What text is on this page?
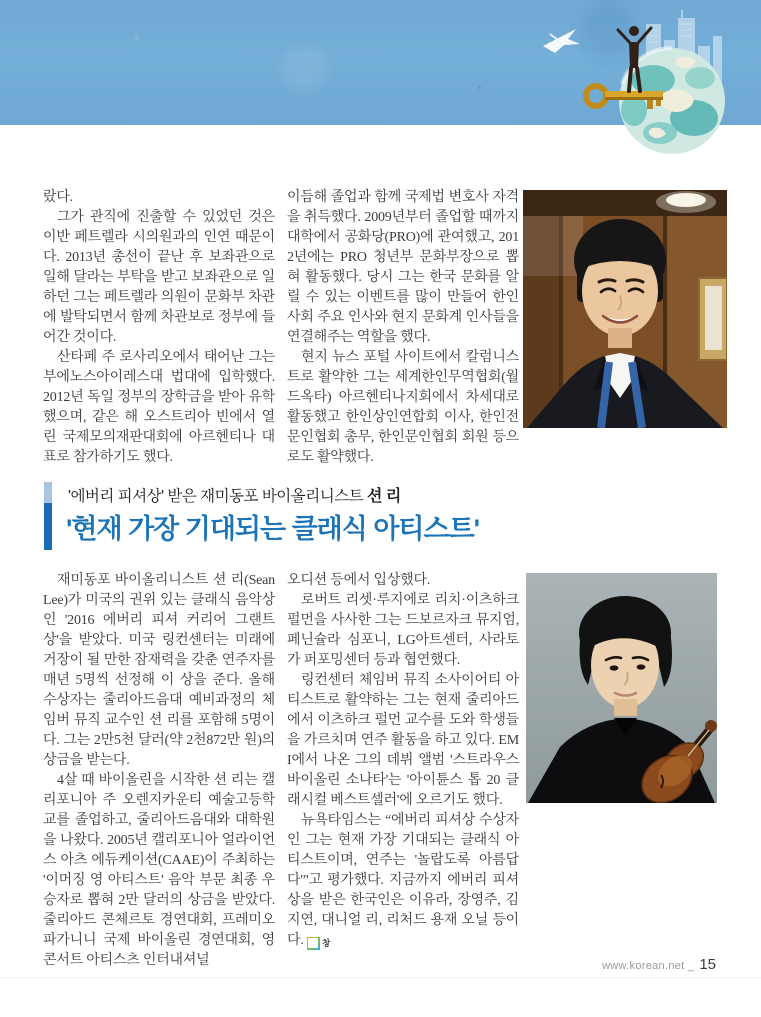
랐다.

그가 관직에 진출할 수 있었던 것은 이반 페트렐라 시의원과의 인연 때문이다. 2013년 총선이 끝난 후 보좌관으로 일해 달라는 부탁을 받고 보좌관으로 일하던 그는 페트렐라 의원이 문화부 차관에 발탁되면서 함께 차관보로 정부에 들어간 것이다.

산타페 주 로사리오에서 태어난 그는 부에노스아이레스대 법대에 입학했다. 2012년 독일 정부의 장학금을 받아 유학했으며, 같은 해 오스트리아 빈에서 열린 국제모의재판대회에 아르헨티나 대표로 참가하기도 했다.

이듬해 졸업과 함께 국제법 변호사 자격을 취득했다. 2009년부터 졸업할 때까지 대학에서 공화당(PRO)에 관여했고, 2012년에는 PRO 청년부 문화부장으로 뽑혀 활동했다. 당시 그는 한국 문화를 알릴 수 있는 이벤트를 많이 만들어 한인사회 주요 인사와 현지 문화계 인사들을 연결해주는 역할을 했다.

현지 뉴스 포털 사이트에서 칼럼니스트로 활약한 그는 세계한인무역협회(월드옥타) 아르헨티나지회에서 차세대로 활동했고 한인상인연합회 이사, 한인전문인협회 총무, 한인문인협회 회원 등으로도 활약했다.

'에버리 피셔상' 받은 재미동포 바이올리니스트 션 리
'현재 가장 기대되는 클래식 아티스트'

재미동포 바이올리니스트 션 리(Sean Lee)가 미국의 권위 있는 클래식 음악상인 '2016 에버리 피셔 커리어 그랜트상'을 받았다. 미국 링컨센터는 미래에 거장이 될 만한 잠재력을 갖춘 연주자를 매년 5명씩 선정해 이 상을 준다. 올해 수상자는 줄리아드음대 예비과정의 체임버 뮤직 교수인 션 리를 포함해 5명이다. 그는 2만5천 달러(약 2천872만 원)의 상금을 받는다.

4살 때 바이올린을 시작한 션 리는 캘리포니아 주 오렌지카운티 예술고등학교를 졸업하고, 줄리아드음대와 대학원을 나왔다. 2005년 캘리포니아 얼라이언스 아츠 에듀케이션(CAAE)이 주최하는 '이머징 영 아티스트' 음악 부문 최종 우승자로 뽑혀 2만 달러의 상금을 받았다. 줄리아드 콘체르토 경연대회, 프레미오 파가니니 국제 바이올린 경연대회, 영 콘서트 아티스츠 인터내셔널

오디션 등에서 입상했다.

로버트 리셋·루지에로 리치·이츠하크 펄먼을 사사한 그는 드보르자크 뮤지엄, 페닌슐라 심포니, LG아트센터, 사라토가 퍼포밍센터 등과 협연했다.

링컨센터 체임버 뮤직 소사이어티 아티스트로 활약하는 그는 현재 줄리아드에서 이츠하크 펄먼 교수를 도와 학생들을 가르치며 연주 활동을 하고 있다. EMI에서 나온 그의 데뷔 앨범 '스트라우스 바이올린 소나타'는 '아이튠스 톱 20 클래시컬 베스트셀러'에 오르기도 했다.

뉴욕타임스는 “에버리 피셔상 수상자인 그는 현재 가장 기대되는 클래식 아티스트이며, 연주는 '놀랍도록 아름답다'”고 평가했다. 지금까지 에버리 피셔상을 받은 한국인은 이유라, 장영주, 김지연, 대니얼 리, 리처드 용재 오닐 등이다.	창

www.korean.net _ 15
